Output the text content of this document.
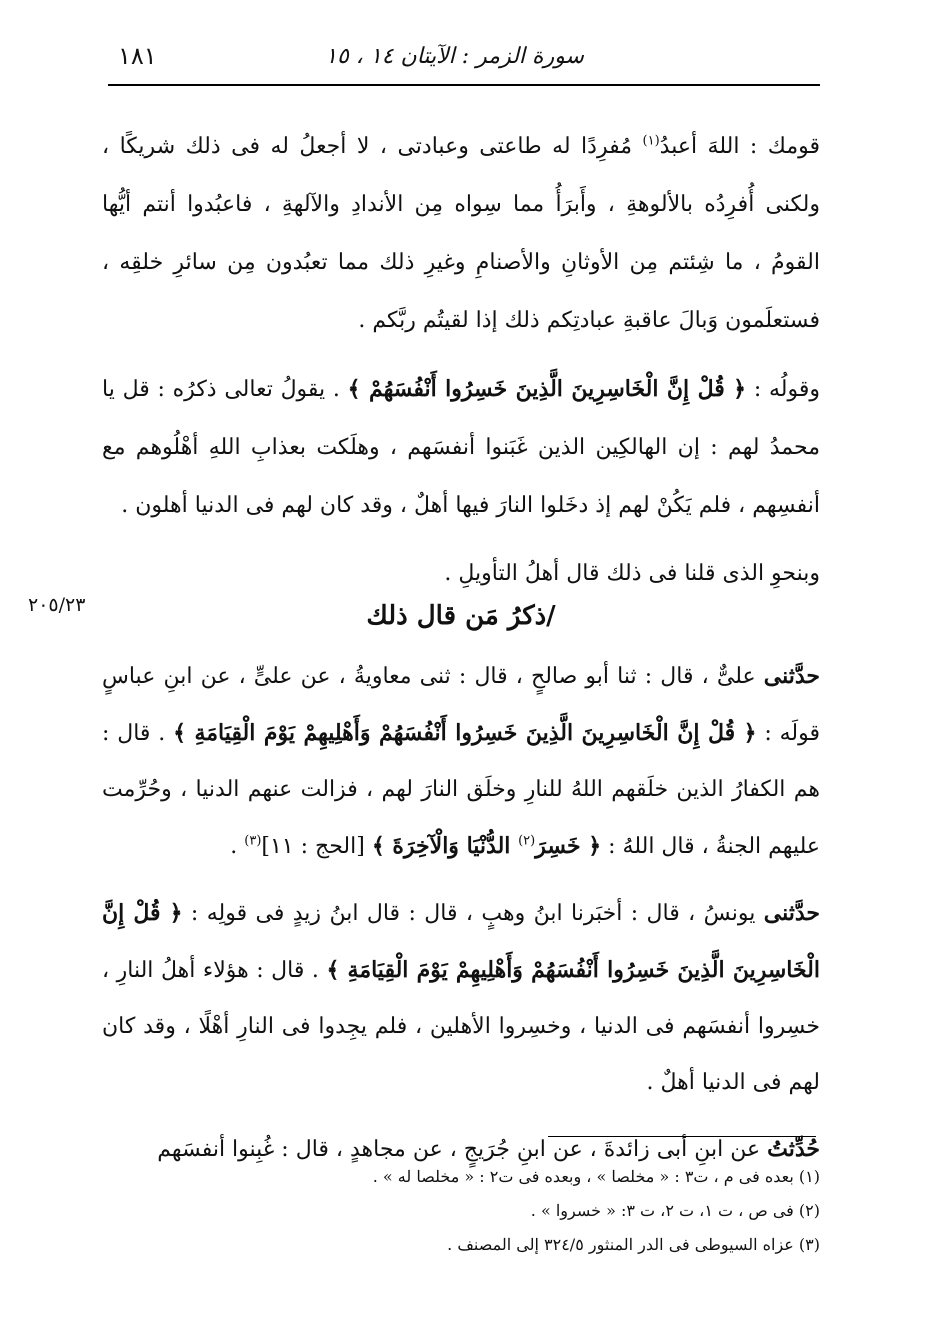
سورة الزمر : الآيتان ١٤ ، ١٥
١٨١

قومك : اللهَ أعبدُ$^{(١)}$ مُفرِدًا له طاعتى وعبادتى ، لا أجعلُ له فى ذلك شريكًا ، ولكنى أُفرِدُه بالألوهةِ ، وأَبرَأُ مما سِواه مِن الأندادِ والآلهةِ ، فاعبُدوا أنتم أيُّها القومُ ، ما شِئتم مِن الأوثانِ والأصنامِ وغيرِ ذلك مما تعبُدون مِن سائرِ خلقِه ، فستعلَمون وَبالَ عاقبةِ عبادتِكم ذلك إذا لقيتُم ربَّكم .

وقولُه : ﴿ قُلْ إِنَّ الْخَاسِرِينَ الَّذِينَ خَسِرُوا أَنْفُسَهُمْ ﴾ . يقولُ تعالى ذكرُه : قل يا محمدُ لهم : إن الهالكِين الذين غَبَنوا أنفسَهم ، وهلَكت بعذابِ اللهِ أهْلُوهم مع أنفسِهم ، فلم يَكُنْ لهم إذ دخَلوا النارَ فيها أهلٌ ، وقد كان لهم فى الدنيا أهلون .

وبنحوِ الذى قلنا فى ذلك قال أهلُ التأويلِ .

٢٠٥/٢٣	/ذكرُ مَن قال ذلك

حدَّثنى علىٌّ ، قال : ثنا أبو صالحٍ ، قال : ثنى معاويةُ ، عن علىٍّ ، عن ابنِ عباسٍ قولَه : ﴿ قُلْ إِنَّ الْخَاسِرِينَ الَّذِينَ خَسِرُوا أَنْفُسَهُمْ وَأَهْلِيهِمْ يَوْمَ الْقِيَامَةِ ﴾ . قال : هم الكفارُ الذين خلَقهم اللهُ للنارِ وخلَق النارَ لهم ، فزالت عنهم الدنيا ، وحُرِّمت عليهم الجنةُ ، قال اللهُ : ﴿ خَسِرَ$^{(٢)}$ الدُّنْيَا وَالْآخِرَةَ ﴾ [الحج : ١١]$^{(٣)}$ .

حدَّثنى يونسُ ، قال : أخبَرنا ابنُ وهبٍ ، قال : قال ابنُ زيدٍ فى قولِه : ﴿ قُلْ إِنَّ الْخَاسِرِينَ الَّذِينَ خَسِرُوا أَنْفُسَهُمْ وَأَهْلِيهِمْ يَوْمَ الْقِيَامَةِ ﴾ . قال : هؤلاء أهلُ النارِ ، خسِروا أنفسَهم فى الدنيا ، وخسِروا الأهلين ، فلم يجِدوا فى النارِ أهْلًا ، وقد كان لهم فى الدنيا أهلٌ .

حُدِّثتُ عن ابنِ أبى زائدةَ ، عن ابنِ جُرَيجٍ ، عن مجاهدٍ ، قال : غُبِنوا أنفسَهم

(١) بعده فى م ، ت٣ : « مخلصا » ، وبعده فى ت٢ : « مخلصا له » .
(٢) فى ص ، ت ١، ت ٢، ت ٣: « خسروا » .
(٣) عزاه السيوطى فى الدر المنثور ٣٢٤/٥ إلى المصنف .
